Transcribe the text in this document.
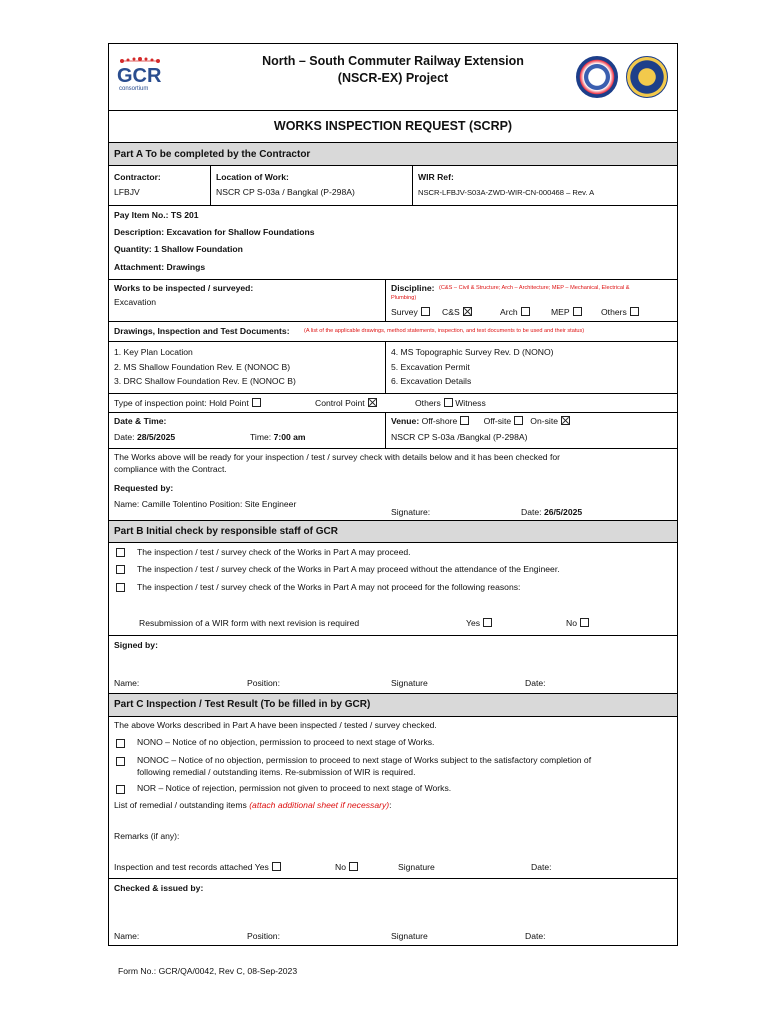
GCR
consortium
North – South Commuter Railway Extension
(NSCR-EX) Project
WORKS INSPECTION REQUEST (SCRP)
Part A To be completed by the Contractor
Contractor:
LFBJV
Location of Work:
NSCR CP S-03a / Bangkal (P-298A)
WIR Ref:
NSCR-LFBJV-S03A-ZWD-WIR-CN-000468 – Rev. A
Pay Item No.: TS 201
Description: Excavation for Shallow Foundations
Quantity: 1 Shallow Foundation
Attachment: Drawings
Works to be inspected / surveyed:
Excavation
Discipline: (C&S – Civil & Structure; Arch – Architecture; MEP – Mechanical, Electrical &
Plumbing)
Survey	C&S	Arch	MEP	Others
Drawings, Inspection and Test Documents:	(A list of the applicable drawings, method statements, inspection, and test documents to be used and their status)
1. Key Plan Location
2. MS Shallow Foundation Rev. E (NONOC B)
3. DRC Shallow Foundation Rev. E (NONOC B)
4. MS Topographic Survey Rev. D (NONO)
5. Excavation Permit
6. Excavation Details
Type of inspection point: Hold Point	Control Point	Others Witness
Date & Time:
Date: 28/5/2025	Time: 7:00 am
Venue: Off-shore	Off-site On-site
NSCR CP S-03a /Bangkal (P-298A)
The Works above will be ready for your inspection / test / survey check with details below and it has been checked for
compliance with the Contract.
Requested by:
Name: Camille Tolentino Position: Site Engineer
Signature:	Date: 26/5/2025
Part B Initial check by responsible staff of GCR
The inspection / test / survey check of the Works in Part A may proceed.
The inspection / test / survey check of the Works in Part A may proceed without the attendance of the Engineer.
The inspection / test / survey check of the Works in Part A may not proceed for the following reasons:
Resubmission of a WIR form with next revision is required	Yes	No
Signed by:
Name:	Position:	Signature	Date:
Part C Inspection / Test Result (To be filled in by GCR)
The above Works described in Part A have been inspected / tested / survey checked.
NONO – Notice of no objection, permission to proceed to next stage of Works.
NONOC – Notice of no objection, permission to proceed to next stage of Works subject to the satisfactory completion of
following remedial / outstanding items. Re-submission of WIR is required.
NOR – Notice of rejection, permission not given to proceed to next stage of Works.
List of remedial / outstanding items (attach additional sheet if necessary):
Remarks (if any):
Inspection and test records attached Yes	No	Signature	Date:
Checked & issued by:
Name:	Position:	Signature	Date:
Form No.: GCR/QA/0042, Rev C, 08-Sep-2023
